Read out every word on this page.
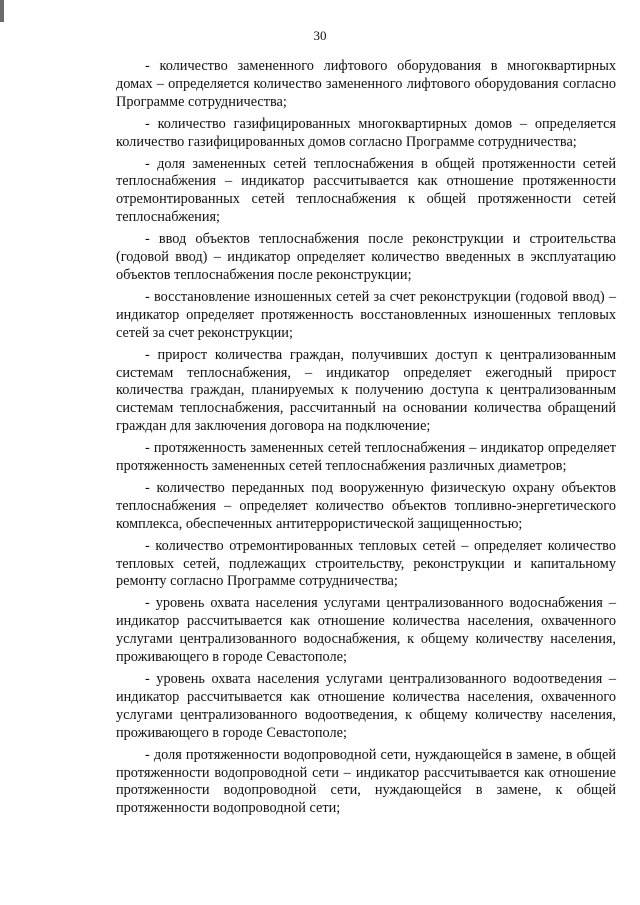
30

- количество замененного лифтового оборудования в многоквартирных домах – определяется количество замененного лифтового оборудования согласно Программе сотрудничества;

- количество газифицированных многоквартирных домов – определяется количество газифицированных домов согласно Программе сотрудничества;

- доля замененных сетей теплоснабжения в общей протяженности сетей теплоснабжения – индикатор рассчитывается как отношение протяженности отремонтированных сетей теплоснабжения к общей протяженности сетей теплоснабжения;

- ввод объектов теплоснабжения после реконструкции и строительства (годовой ввод) – индикатор определяет количество введенных в эксплуатацию объектов теплоснабжения после реконструкции;

- восстановление изношенных сетей за счет реконструкции (годовой ввод) – индикатор определяет протяженность восстановленных изношенных тепловых сетей за счет реконструкции;

- прирост количества граждан, получивших доступ к централизованным системам теплоснабжения, – индикатор определяет ежегодный прирост количества граждан, планируемых к получению доступа к централизованным системам теплоснабжения, рассчитанный на основании количества обращений граждан для заключения договора на подключение;

- протяженность замененных сетей теплоснабжения – индикатор определяет протяженность замененных сетей теплоснабжения различных диаметров;

- количество переданных под вооруженную физическую охрану объектов теплоснабжения – определяет количество объектов топливно-энергетического комплекса, обеспеченных антитеррористической защищенностью;

- количество отремонтированных тепловых сетей – определяет количество тепловых сетей, подлежащих строительству, реконструкции и капитальному ремонту согласно Программе сотрудничества;

- уровень охвата населения услугами централизованного водоснабжения – индикатор рассчитывается как отношение количества населения, охваченного услугами централизованного водоснабжения, к общему количеству населения, проживающего в городе Севастополе;

- уровень охвата населения услугами централизованного водоотведения – индикатор рассчитывается как отношение количества населения, охваченного услугами централизованного водоотведения, к общему количеству населения, проживающего в городе Севастополе;

- доля протяженности водопроводной сети, нуждающейся в замене, в общей протяженности водопроводной сети – индикатор рассчитывается как отношение протяженности водопроводной сети, нуждающейся в замене, к общей протяженности водопроводной сети;
